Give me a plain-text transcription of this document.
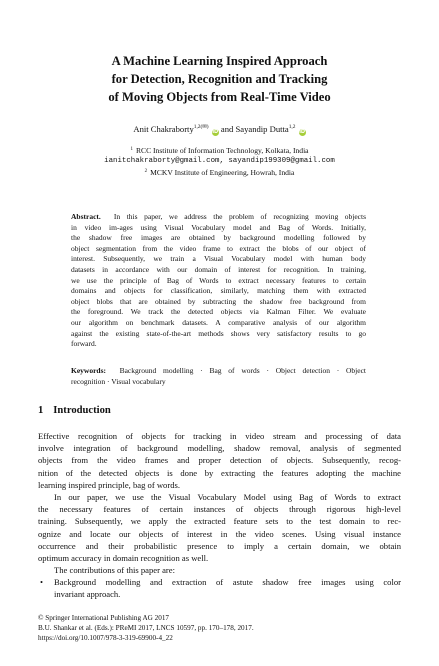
A Machine Learning Inspired Approach
for Detection, Recognition and Tracking
of Moving Objects from Real-Time Video
Anit Chakraborty$^{1,2(✉)}$ iD and Sayandip Dutta$^{1,2}$ iD
$^1$ RCC Institute of Information Technology, Kolkata, India
ianitchakraborty@gmail.com, sayandip199309@gmail.com
$^2$ MCKV Institute of Engineering, Howrah, India
Abstract. In this paper, we address the problem of recognizing moving objects
in video im-ages using Visual Vocabulary model and Bag of Words. Initially,
the shadow free images are obtained by background modelling followed by
object segmentation from the video frame to extract the blobs of our object of
interest. Subsequently, we train a Visual Vocabulary model with human body
datasets in accordance with our domain of interest for recognition. In training,
we use the principle of Bag of Words to extract necessary features to certain
domains and objects for classification, similarly, matching them with extracted
object blobs that are obtained by subtracting the shadow free background from
the foreground. We track the detected objects via Kalman Filter. We evaluate
our algorithm on benchmark datasets. A comparative analysis of our algorithm
against the existing state-of-the-art methods shows very satisfactory results to go
forward.
Keywords: Background modelling · Bag of words · Object detection · Object
recognition · Visual vocabulary
1 Introduction
Effective recognition of objects for tracking in video stream and processing of data
involve integration of background modelling, shadow removal, analysis of segmented
objects from the video frames and proper detection of objects. Subsequently, recog-
nition of the detected objects is done by extracting the features adopting the machine
learning inspired principle, bag of words.
In our paper, we use the Visual Vocabulary Model using Bag of Words to extract
the necessary features of certain instances of objects through rigorous high-level
training. Subsequently, we apply the extracted feature sets to the test domain to rec-
ognize and locate our objects of interest in the video scenes. Using visual instance
occurrence and their probabilistic presence to imply a certain domain, we obtain
optimum accuracy in domain recognition as well.
The contributions of this paper are:
•	Background modelling and extraction of astute shadow free images using color
invariant approach.
© Springer International Publishing AG 2017
B.U. Shankar et al. (Eds.): PReMI 2017, LNCS 10597, pp. 170–178, 2017.
https://doi.org/10.1007/978-3-319-69900-4_22
